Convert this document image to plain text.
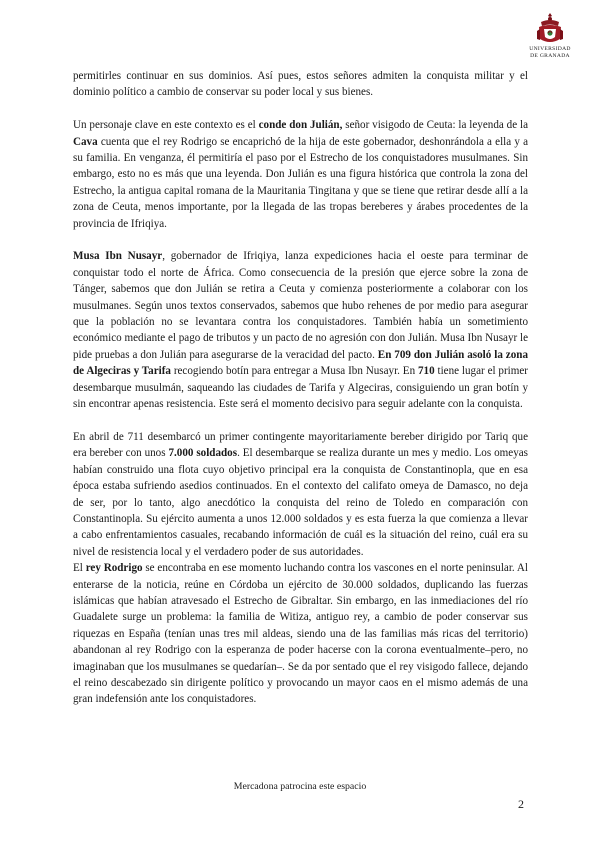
UNIVERSIDAD
DE GRANADA

permitirles continuar en sus dominios. Así pues, estos señores admiten la conquista militar y el dominio político a cambio de conservar su poder local y sus bienes.

Un personaje clave en este contexto es el conde don Julián, señor visigodo de Ceuta: la leyenda de la Cava cuenta que el rey Rodrigo se encaprichó de la hija de este gobernador, deshonrándola a ella y a su familia. En venganza, él permitiría el paso por el Estrecho de los conquistadores musulmanes. Sin embargo, esto no es más que una leyenda. Don Julián es una figura histórica que controla la zona del Estrecho, la antigua capital romana de la Mauritania Tingitana y que se tiene que retirar desde allí a la zona de Ceuta, menos importante, por la llegada de las tropas bereberes y árabes procedentes de la provincia de Ifriqiya.

Musa Ibn Nusayr, gobernador de Ifriqiya, lanza expediciones hacia el oeste para terminar de conquistar todo el norte de África. Como consecuencia de la presión que ejerce sobre la zona de Tánger, sabemos que don Julián se retira a Ceuta y comienza posteriormente a colaborar con los musulmanes. Según unos textos conservados, sabemos que hubo rehenes de por medio para asegurar que la población no se levantara contra los conquistadores. También había un sometimiento económico mediante el pago de tributos y un pacto de no agresión con don Julián. Musa Ibn Nusayr le pide pruebas a don Julián para asegurarse de la veracidad del pacto. En 709 don Julián asoló la zona de Algeciras y Tarifa recogiendo botín para entregar a Musa Ibn Nusayr. En 710 tiene lugar el primer desembarque musulmán, saqueando las ciudades de Tarifa y Algeciras, consiguiendo un gran botín y sin encontrar apenas resistencia. Este será el momento decisivo para seguir adelante con la conquista.

En abril de 711 desembarcó un primer contingente mayoritariamente bereber dirigido por Tariq que era bereber con unos 7.000 soldados. El desembarque se realiza durante un mes y medio. Los omeyas habían construido una flota cuyo objetivo principal era la conquista de Constantinopla, que en esa época estaba sufriendo asedios continuados. En el contexto del califato omeya de Damasco, no deja de ser, por lo tanto, algo anecdótico la conquista del reino de Toledo en comparación con Constantinopla. Su ejército aumenta a unos 12.000 soldados y es esta fuerza la que comienza a llevar a cabo enfrentamientos casuales, recabando información de cuál es la situación del reino, cuál era su nivel de resistencia local y el verdadero poder de sus autoridades.

El rey Rodrigo se encontraba en ese momento luchando contra los vascones en el norte peninsular. Al enterarse de la noticia, reúne en Córdoba un ejército de 30.000 soldados, duplicando las fuerzas islámicas que habían atravesado el Estrecho de Gibraltar. Sin embargo, en las inmediaciones del río Guadalete surge un problema: la familia de Witiza, antiguo rey, a cambio de poder conservar sus riquezas en España (tenían unas tres mil aldeas, siendo una de las familias más ricas del territorio) abandonan al rey Rodrigo con la esperanza de poder hacerse con la corona eventualmente–pero, no imaginaban que los musulmanes se quedarían–. Se da por sentado que el rey visigodo fallece, dejando el reino descabezado sin dirigente político y provocando un mayor caos en el mismo además de una gran indefensión ante los conquistadores.

Mercadona patrocina este espacio
2
